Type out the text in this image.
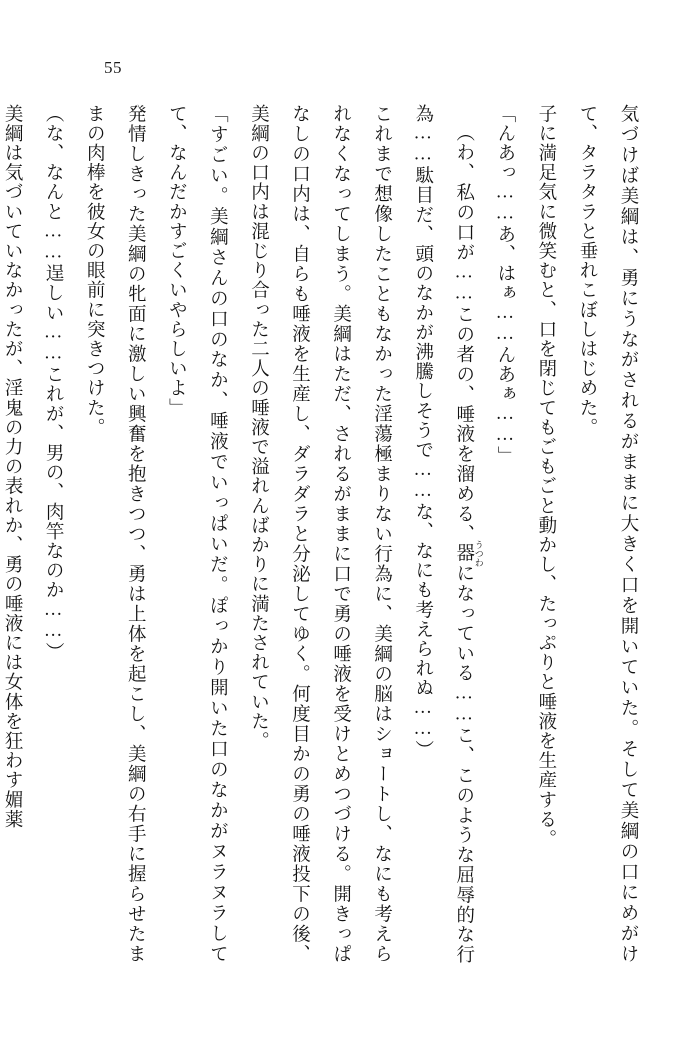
55

気づけば美綱は、勇にうながされるがままに大きく口を開いていた。そして美綱の口にめがけて、タラタラと垂れこぼしはじめた。

子に満足気に微笑むと、口を閉じてもごもごと動かし、たっぷりと唾液を生産する。

「んあっ……あ、はぁ……んあぁ……」

（わ、私の口が……この者の、唾液を溜める、器 うつわになっている……こ、このような屈辱的な行為……駄目だ、頭のなかが沸騰しそうで……な、なにも考えられぬ……）

これまで想像したこともなかった淫蕩極まりない行為に、美綱の脳はショートし、なにも考えられなくなってしまう。美綱はただ、されるがままに口で勇の唾液を受けとめつづける。開きっぱなしの口内は、自らも唾液を生産し、ダラダラと分泌してゆく。何度目かの勇の唾液投下の後、美綱の口内は混じり合った二人の唾液で溢れんばかりに満たされていた。

「すごい。美綱さんの口のなか、唾液でいっぱいだ。ぽっかり開いた口のなかがヌラヌラしてて、なんだかすごくいやらしいよ」

発情しきった美綱の牝面に激しい興奮を抱きつつ、勇は上体を起こし、美綱の右手に握らせたままの肉棒を彼女の眼前に突きつけた。

（な、なんと……逞しい……これが、男の、肉竿なのか……）

美綱は気づいていなかったが、淫鬼の力の表れか、勇の唾液には女体を狂わす媚薬
